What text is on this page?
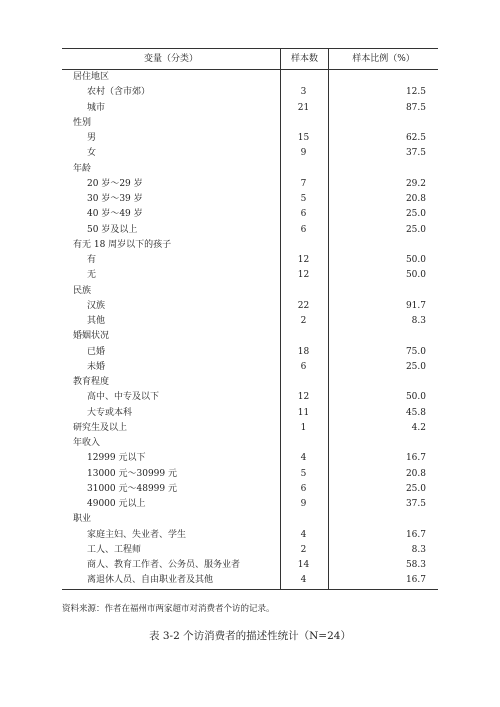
变量（分类）	样本数	样本比例（%）
居住地区		
农村（含市郊）	3	12.5
城市	21	87.5
性别		
男	15	62.5
女	9	37.5
年龄		
20 岁～29 岁	7	29.2
30 岁～39 岁	5	20.8
40 岁～49 岁	6	25.0
50 岁及以上	6	25.0
有无 18 周岁以下的孩子		
有	12	50.0
无	12	50.0
民族		
汉族	22	91.7
其他	2	8.3
婚姻状况		
已婚	18	75.0
未婚	6	25.0
教育程度		
高中、中专及以下	12	50.0
大专或本科	11	45.8
研究生及以上	1	4.2
年收入		
12999 元以下	4	16.7
13000 元～30999 元	5	20.8
31000 元～48999 元	6	25.0
49000 元以上	9	37.5
职业		
家庭主妇、失业者、学生	4	16.7
工人、工程师	2	8.3
商人、教育工作者、公务员、服务业者	14	58.3
离退休人员、自由职业者及其他	4	16.7
资料来源：作者在福州市两家超市对消费者个访的记录。
表 3-2 个访消费者的描述性统计（N=24）
